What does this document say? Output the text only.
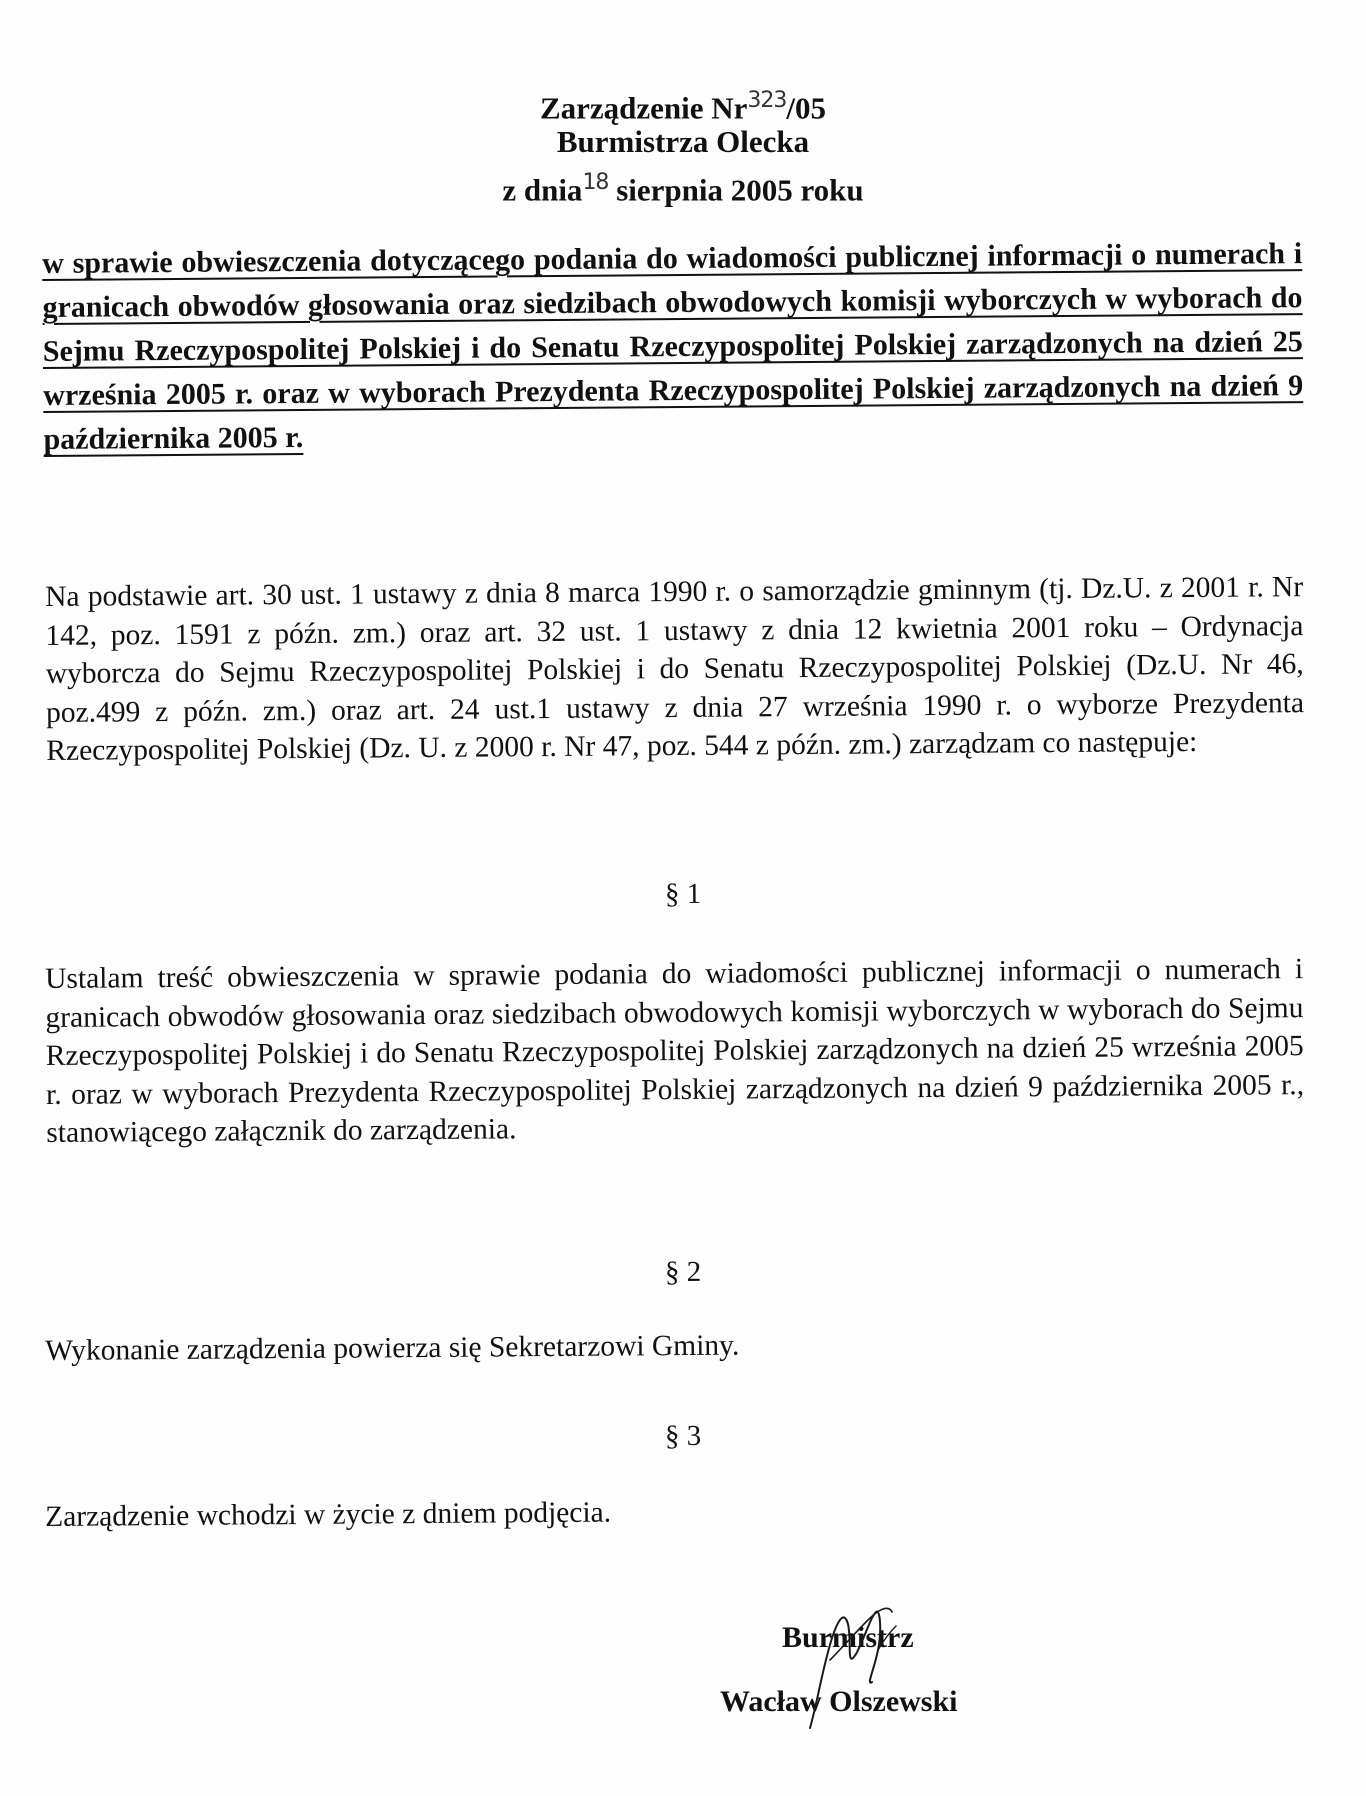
Zarządzenie Nr$^{323}$/05
Burmistrza Olecka
z dnia$^{18}$ sierpnia 2005 roku
w sprawie obwieszczenia dotyczącego podania do wiadomości publicznej informacji o numerach i granicach obwodów głosowania oraz siedzibach obwodowych komisji wyborczych w wyborach do Sejmu Rzeczypospolitej Polskiej i do Senatu Rzeczypospolitej Polskiej zarządzonych na dzień 25 września 2005 r. oraz w wyborach Prezydenta Rzeczypospolitej Polskiej zarządzonych na dzień 9 października 2005 r.
Na podstawie art. 30 ust. 1 ustawy z dnia 8 marca 1990 r. o samorządzie gminnym (tj. Dz.U. z 2001 r. Nr 142, poz. 1591 z późn. zm.) oraz art. 32 ust. 1 ustawy z dnia 12 kwietnia 2001 roku – Ordynacja wyborcza do Sejmu Rzeczypospolitej Polskiej i do Senatu Rzeczypospolitej Polskiej (Dz.U. Nr 46, poz.499 z późn. zm.) oraz art. 24 ust.1 ustawy z dnia 27 września 1990 r. o wyborze Prezydenta Rzeczypospolitej Polskiej (Dz. U. z 2000 r. Nr 47, poz. 544 z późn. zm.) zarządzam co następuje:
§ 1
Ustalam treść obwieszczenia w sprawie podania do wiadomości publicznej informacji o numerach i granicach obwodów głosowania oraz siedzibach obwodowych komisji wyborczych w wyborach do Sejmu Rzeczypospolitej Polskiej i do Senatu Rzeczypospolitej Polskiej zarządzonych na dzień 25 września 2005 r. oraz w wyborach Prezydenta Rzeczypospolitej Polskiej zarządzonych na dzień 9 października 2005 r., stanowiącego załącznik do zarządzenia.
§ 2
Wykonanie zarządzenia powierza się Sekretarzowi Gminy.
§ 3
Zarządzenie wchodzi w życie z dniem podjęcia.
Burmistrz
Wacław Olszewski
